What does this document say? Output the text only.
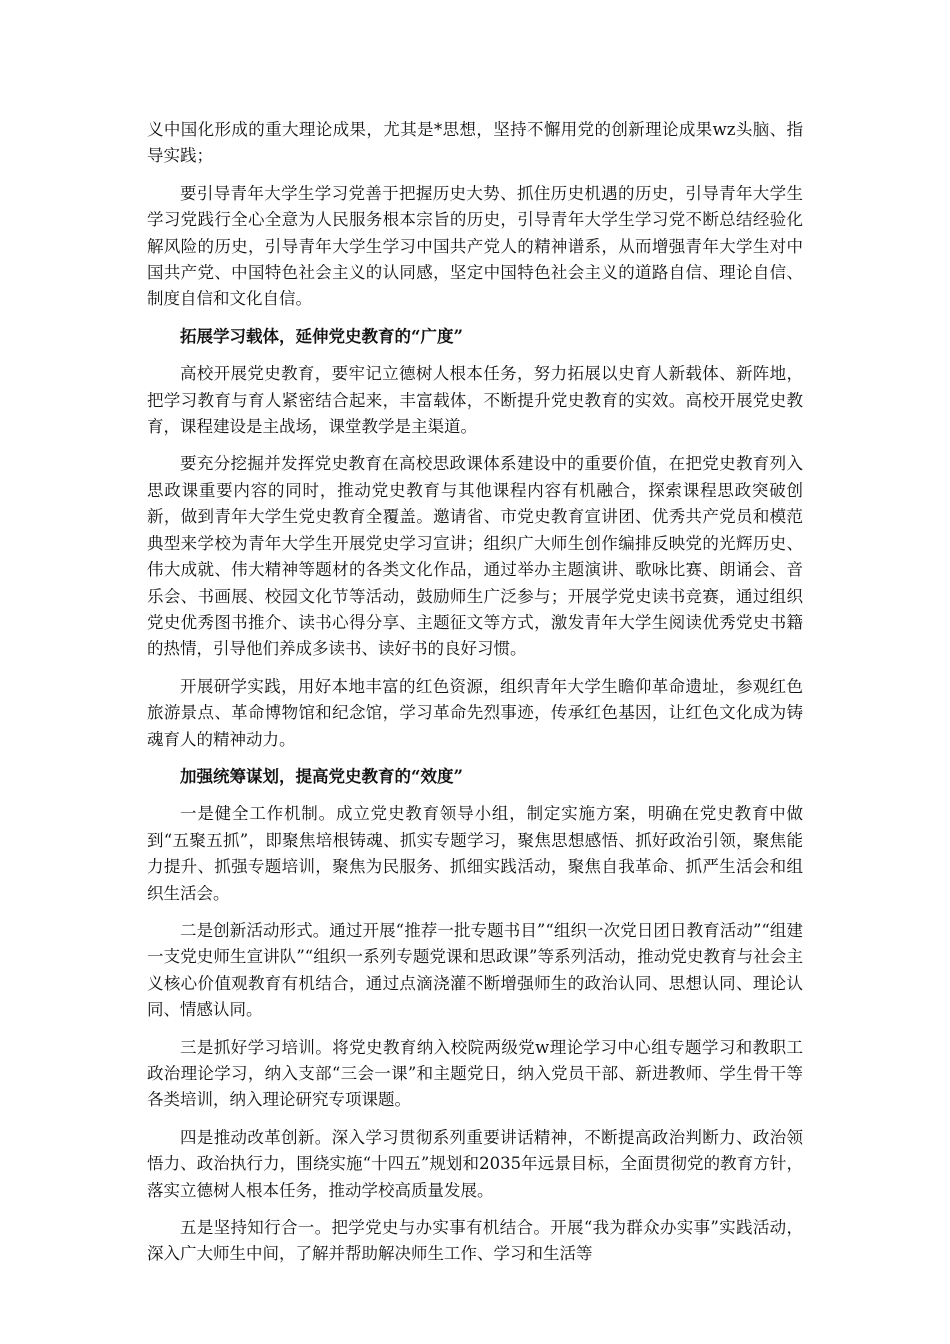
义中国化形成的重大理论成果，尤其是*思想，坚持不懈用党的创新理论成果wz头脑、指导实践；

要引导青年大学生学习党善于把握历史大势、抓住历史机遇的历史，引导青年大学生学习党践行全心全意为人民服务根本宗旨的历史，引导青年大学生学习党不断总结经验化解风险的历史，引导青年大学生学习中国共产党人的精神谱系，从而增强青年大学生对中国共产党、中国特色社会主义的认同感，坚定中国特色社会主义的道路自信、理论自信、制度自信和文化自信。

拓展学习载体，延伸党史教育的“广度”

高校开展党史教育，要牢记立德树人根本任务，努力拓展以史育人新载体、新阵地，把学习教育与育人紧密结合起来，丰富载体，不断提升党史教育的实效。高校开展党史教育，课程建设是主战场，课堂教学是主渠道。

要充分挖掘并发挥党史教育在高校思政课体系建设中的重要价值，在把党史教育列入思政课重要内容的同时，推动党史教育与其他课程内容有机融合，探索课程思政突破创新，做到青年大学生党史教育全覆盖。邀请省、市党史教育宣讲团、优秀共产党员和模范典型来学校为青年大学生开展党史学习宣讲；组织广大师生创作编排反映党的光辉历史、伟大成就、伟大精神等题材的各类文化作品，通过举办主题演讲、歌咏比赛、朗诵会、音乐会、书画展、校园文化节等活动，鼓励师生广泛参与；开展学党史读书竞赛，通过组织党史优秀图书推介、读书心得分享、主题征文等方式，激发青年大学生阅读优秀党史书籍的热情，引导他们养成多读书、读好书的良好习惯。

开展研学实践，用好本地丰富的红色资源，组织青年大学生瞻仰革命遗址，参观红色旅游景点、革命博物馆和纪念馆，学习革命先烈事迹，传承红色基因，让红色文化成为铸魂育人的精神动力。

加强统筹谋划，提高党史教育的“效度”

一是健全工作机制。成立党史教育领导小组，制定实施方案，明确在党史教育中做到“五聚五抓”，即聚焦培根铸魂、抓实专题学习，聚焦思想感悟、抓好政治引领，聚焦能力提升、抓强专题培训，聚焦为民服务、抓细实践活动，聚焦自我革命、抓严生活会和组织生活会。

二是创新活动形式。通过开展“推荐一批专题书目”“组织一次党日团日教育活动”“组建一支党史师生宣讲队”“组织一系列专题党课和思政课”等系列活动，推动党史教育与社会主义核心价值观教育有机结合，通过点滴浇灌不断增强师生的政治认同、思想认同、理论认同、情感认同。

三是抓好学习培训。将党史教育纳入校院两级党w理论学习中心组专题学习和教职工政治理论学习，纳入支部“三会一课”和主题党日，纳入党员干部、新进教师、学生骨干等各类培训，纳入理论研究专项课题。

四是推动改革创新。深入学习贯彻系列重要讲话精神，不断提高政治判断力、政治领悟力、政治执行力，围绕实施“十四五”规划和2035年远景目标，全面贯彻党的教育方针，落实立德树人根本任务，推动学校高质量发展。

五是坚持知行合一。把学党史与办实事有机结合。开展“我为群众办实事”实践活动，深入广大师生中间，了解并帮助解决师生工作、学习和生活等
